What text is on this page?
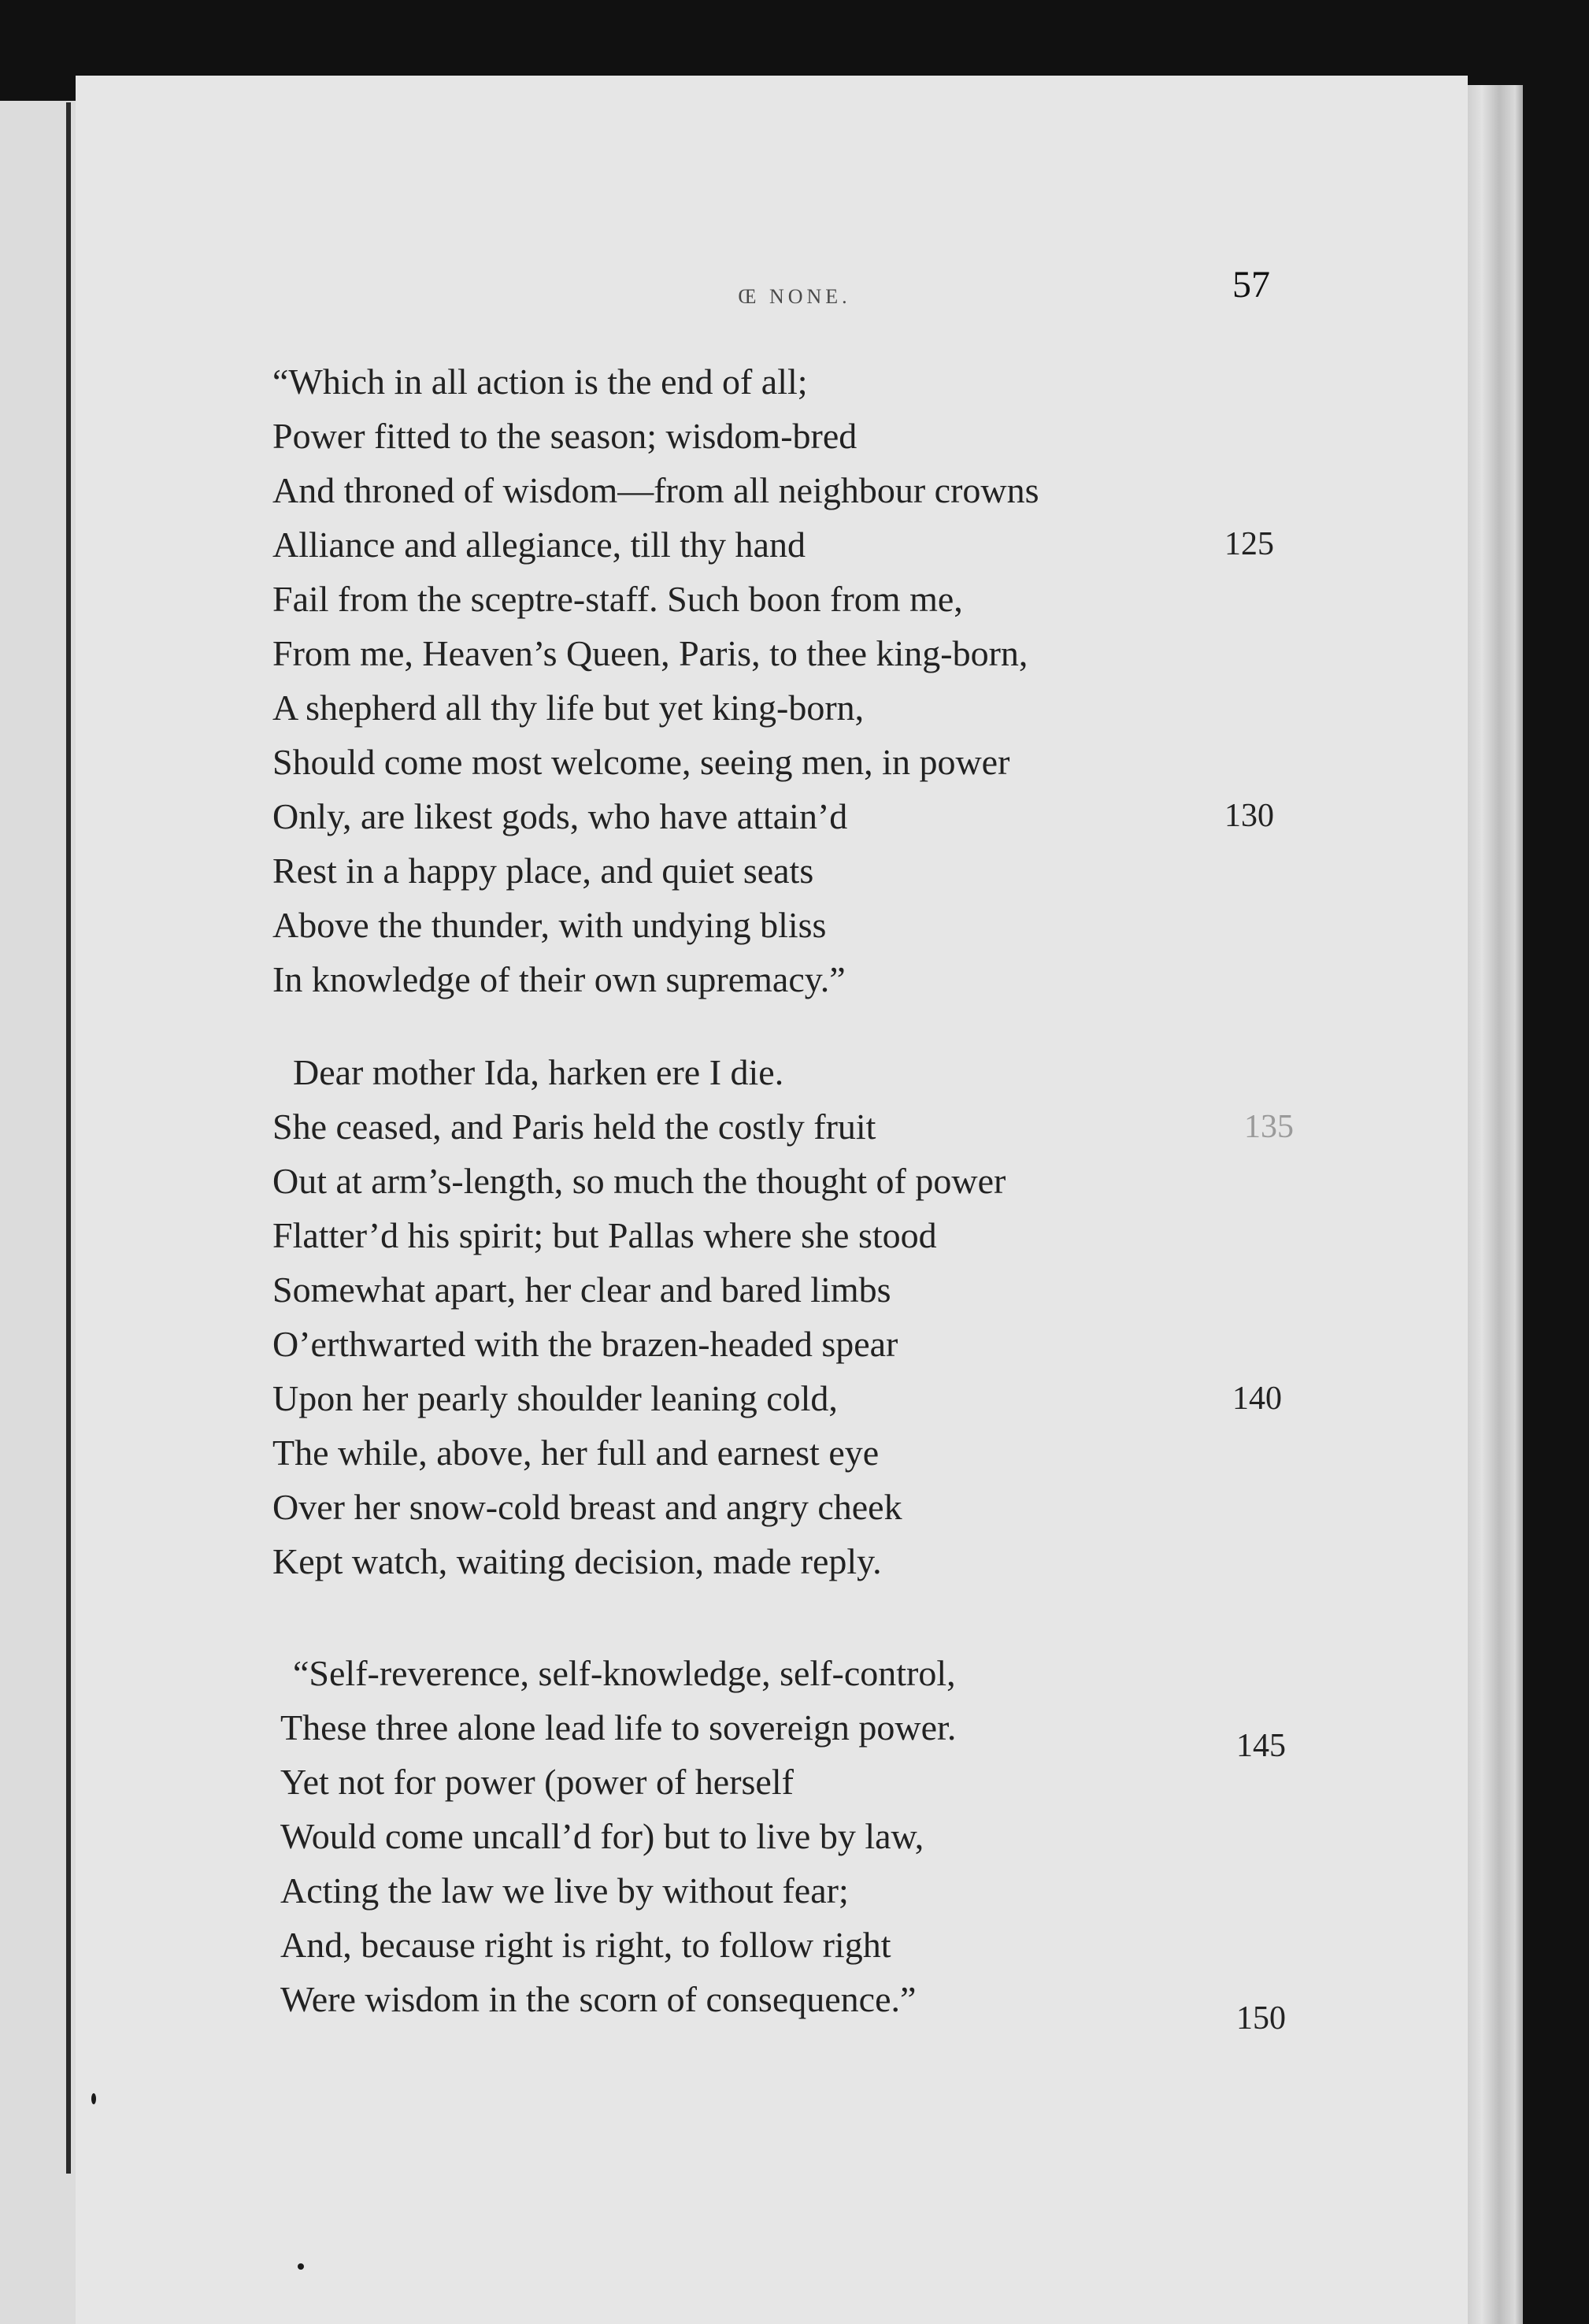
Œ NONE.	57
“Which in all action is the end of all;
Power fitted to the season; wisdom-bred
And throned of wisdom—from all neighbour crowns
Alliance and allegiance, till thy hand
Fail from the sceptre-staff. Such boon from me,
From me, Heaven’s Queen, Paris, to thee king-born,
A shepherd all thy life but yet king-born,
Should come most welcome, seeing men, in power
Only, are likest gods, who have attain’d
Rest in a happy place, and quiet seats
Above the thunder, with undying bliss
In knowledge of their own supremacy.”
125
130
Dear mother Ida, harken ere I die.
She ceased, and Paris held the costly fruit
Out at arm’s-length, so much the thought of power
Flatter’d his spirit; but Pallas where she stood
Somewhat apart, her clear and bared limbs
O’erthwarted with the brazen-headed spear
Upon her pearly shoulder leaning cold,
The while, above, her full and earnest eye
Over her snow-cold breast and angry cheek
Kept watch, waiting decision, made reply.
135
140
“Self-reverence, self-knowledge, self-control,
These three alone lead life to sovereign power.
Yet not for power (power of herself
Would come uncall’d for) but to live by law,
Acting the law we live by without fear;
And, because right is right, to follow right
Were wisdom in the scorn of consequence.”
145
150
